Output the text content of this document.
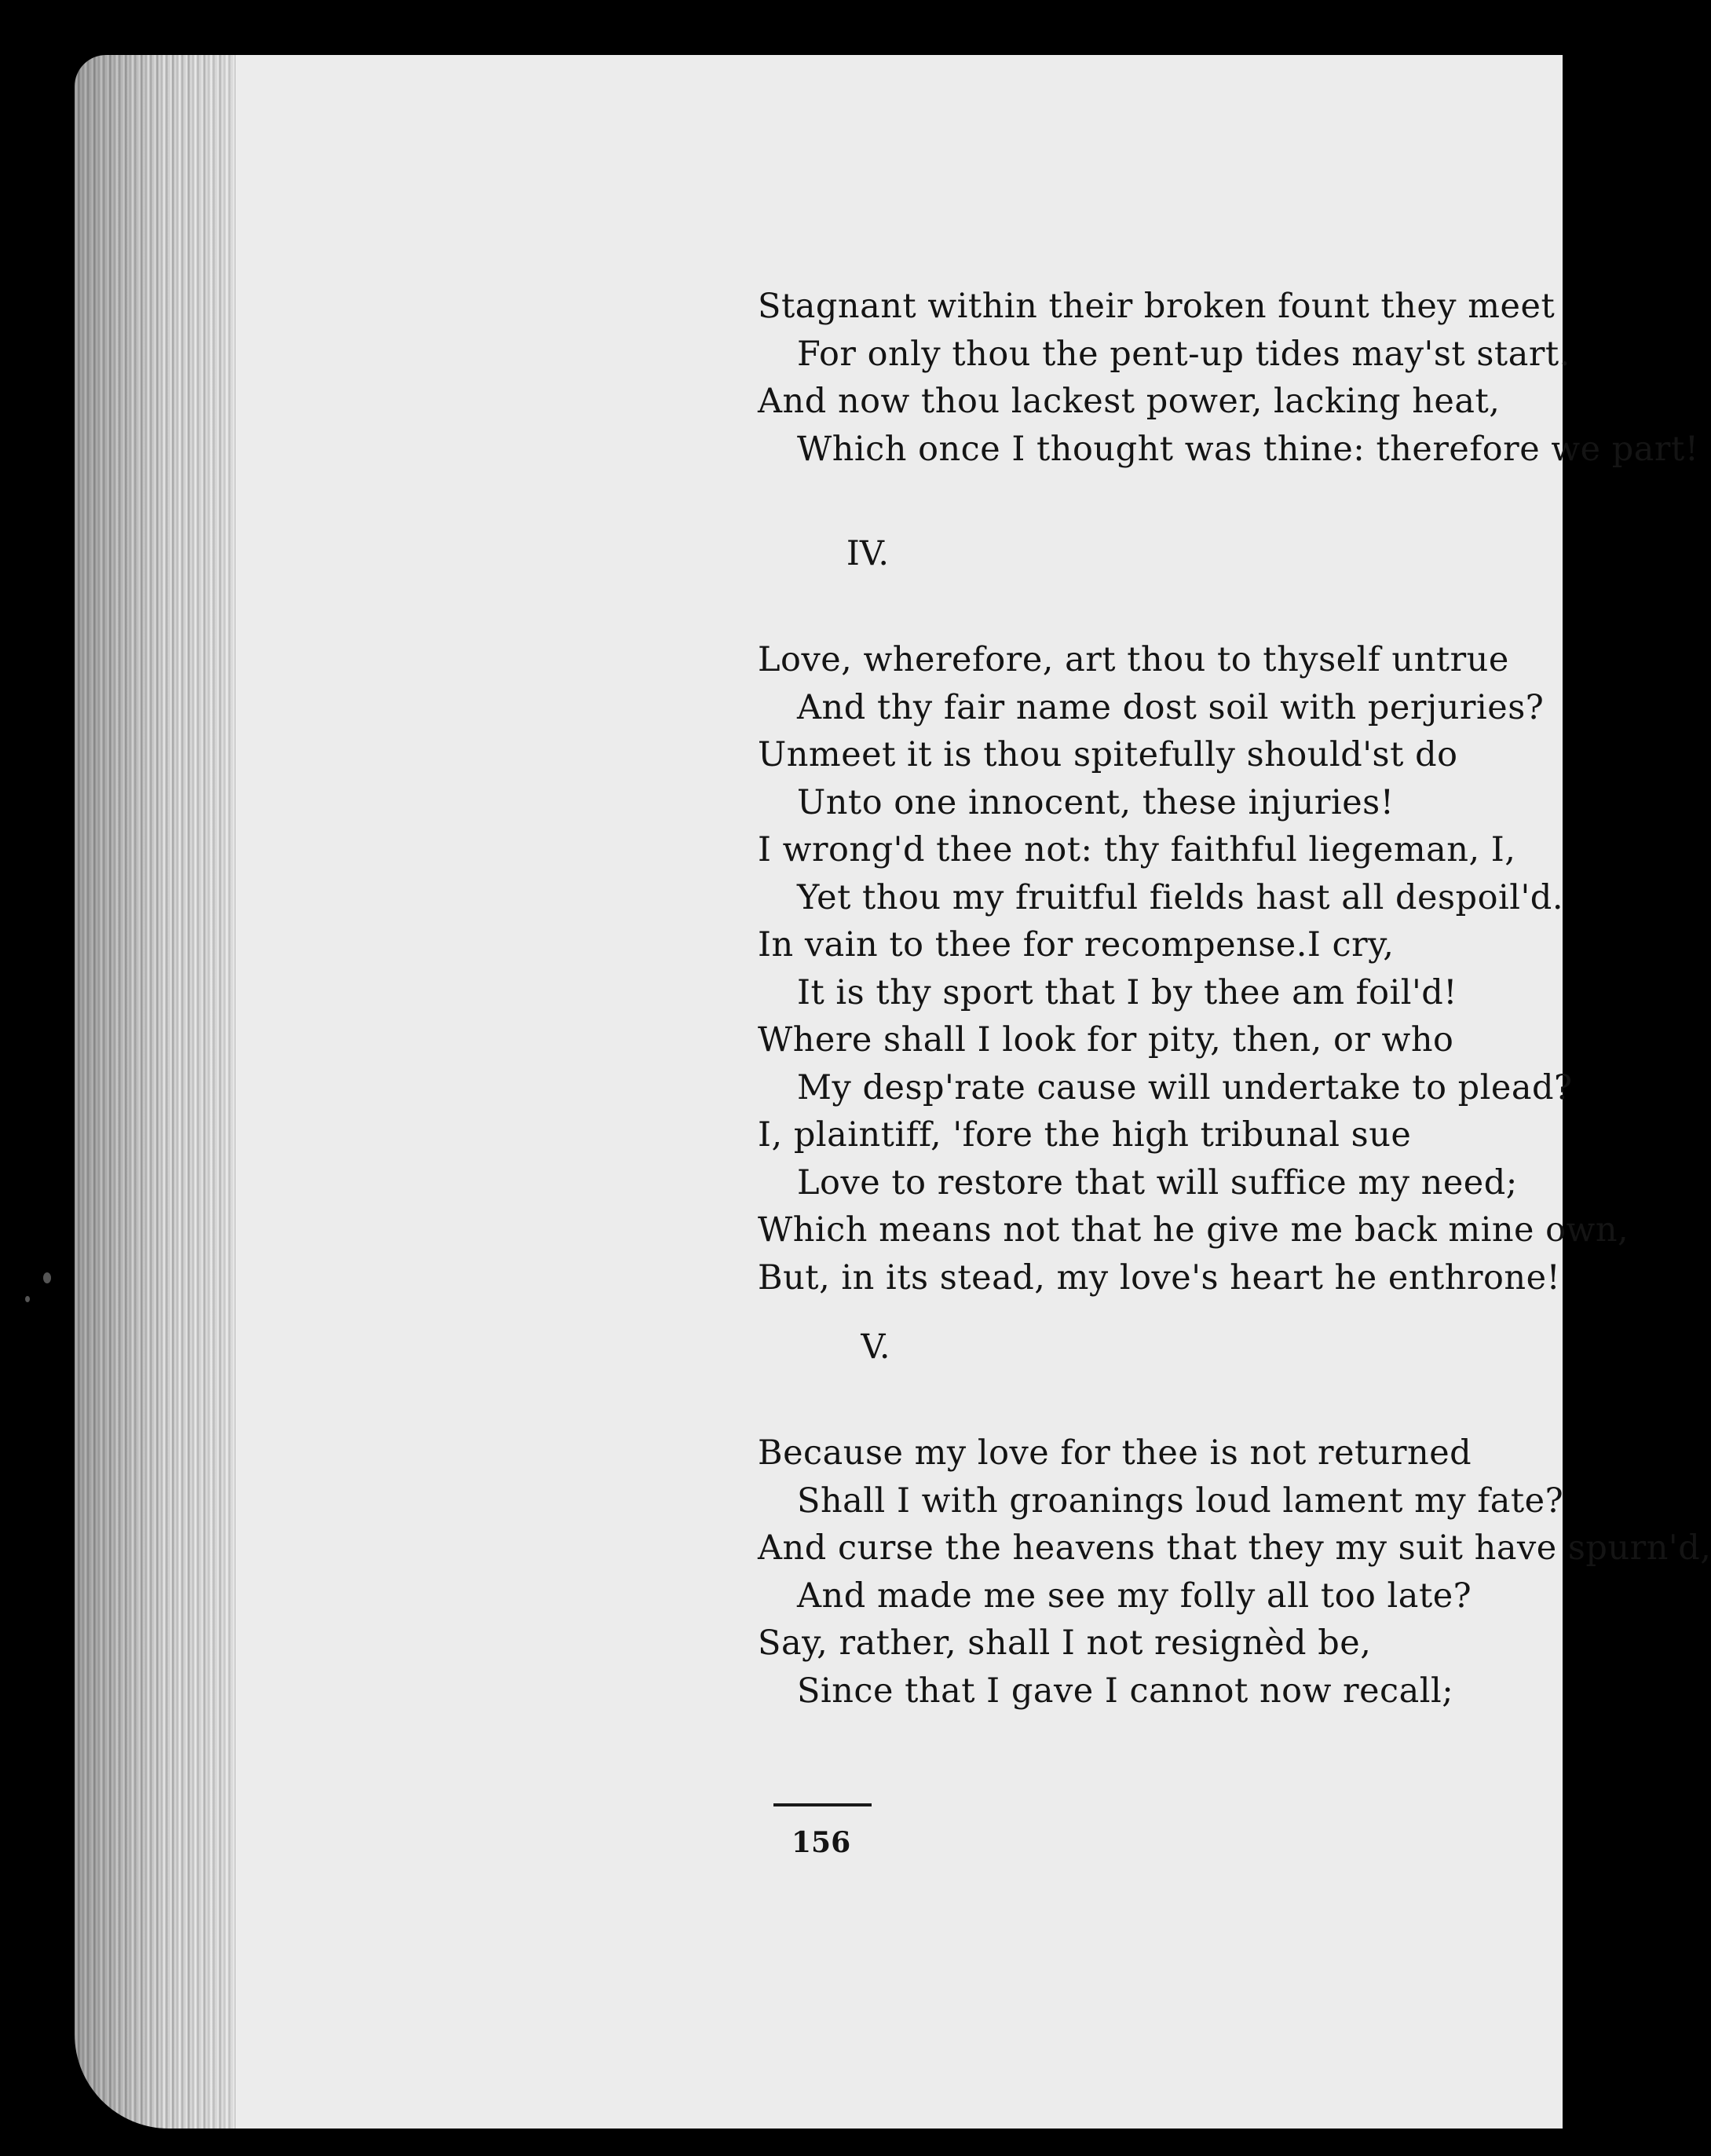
Stagnant within their broken fount they meet
For only thou the pent-up tides may'st start.
And now thou lackest power, lacking heat,
Which once I thought was thine: therefore we part!
IV.
Love, wherefore, art thou to thyself untrue
And thy fair name dost soil with perjuries?
Unmeet it is thou spitefully should'st do
Unto one innocent, these injuries!
I wrong'd thee not: thy faithful liegeman, I,
Yet thou my fruitful fields hast all despoil'd.
In vain to thee for recompense.I cry,
It is thy sport that I by thee am foil'd!
Where shall I look for pity, then, or who
My desp'rate cause will undertake to plead?
I, plaintiff, 'fore the high tribunal sue
Love to restore that will suffice my need;
Which means not that he give me back mine own,
But, in its stead, my love's heart he enthrone!
V.
Because my love for thee is not returned
Shall I with groanings loud lament my fate?
And curse the heavens that they my suit have spurn'd,
And made me see my folly all too late?
Say, rather, shall I not resignèd be,
Since that I gave I cannot now recall;
156
